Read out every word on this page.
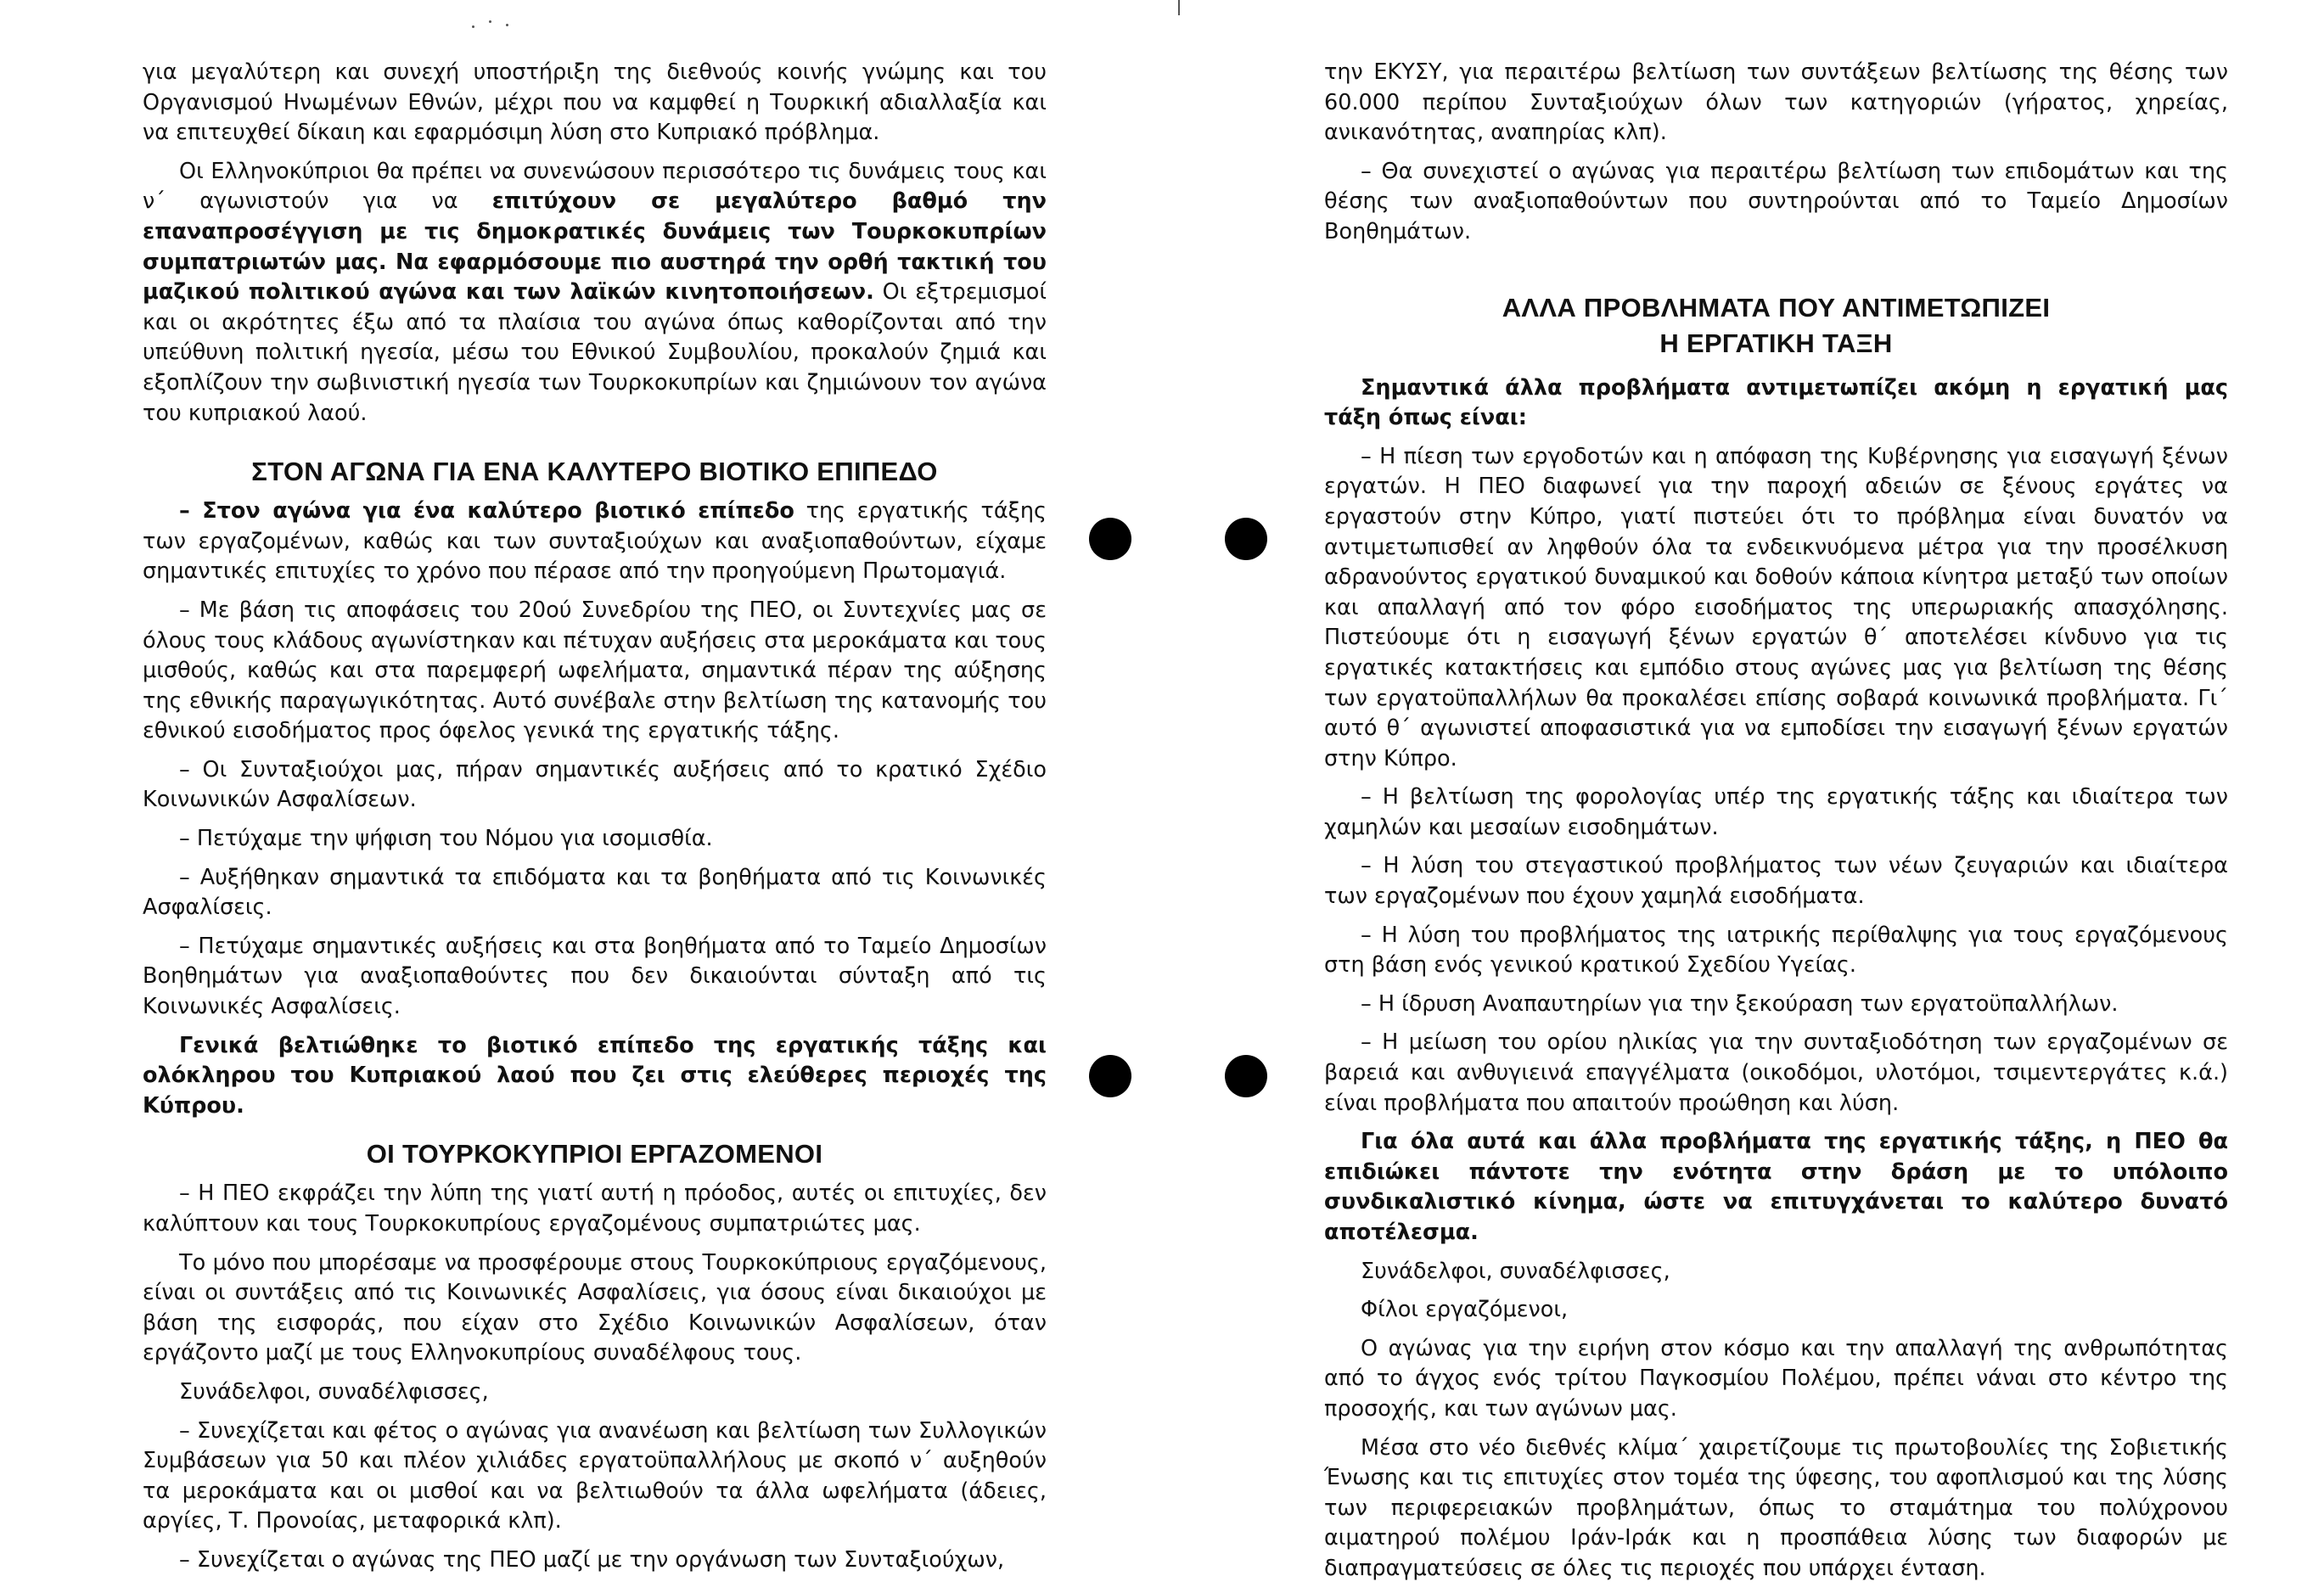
για μεγαλύτερη και συνεχή υποστήριξη της διεθνούς κοινής γνώμης και του Οργανισμού Ηνωμένων Εθνών, μέχρι που να καμφθεί η Τουρκική αδιαλλαξία και να επιτευχθεί δίκαιη και εφαρμόσιμη λύση στο Κυπριακό πρόβλημα.

Οι Ελληνοκύπριοι θα πρέπει να συνενώσουν περισσότερο τις δυνάμεις τους και ν΄ αγωνιστούν για να επιτύχουν σε μεγαλύτερο βαθμό την επαναπροσέγγιση με τις δημοκρατικές δυνάμεις των Τουρκοκυπρίων συμπατριωτών μας. Να εφαρμόσουμε πιο αυστηρά την ορθή τακτική του μαζικού πολιτικού αγώνα και των λαϊκών κινητοποιήσεων. Οι εξτρεμισμοί και οι ακρότητες έξω από τα πλαίσια του αγώνα όπως καθορίζονται από την υπεύθυνη πολιτική ηγεσία, μέσω του Εθνικού Συμβουλίου, προκαλούν ζημιά και εξοπλίζουν την σωβινιστική ηγεσία των Τουρκοκυπρίων και ζημιώνουν τον αγώνα του κυπριακού λαού.

ΣΤΟΝ ΑΓΩΝΑ ΓΙΑ ΕΝΑ ΚΑΛΥΤΕΡΟ ΒΙΟΤΙΚΟ ΕΠΙΠΕΔΟ

– Στον αγώνα για ένα καλύτερο βιοτικό επίπεδο της εργατικής τάξης των εργαζομένων, καθώς και των συνταξιούχων και αναξιοπαθούντων, είχαμε σημαντικές επιτυχίες το χρόνο που πέρασε από την προηγούμενη Πρωτομαγιά.

– Με βάση τις αποφάσεις του 20ού Συνεδρίου της ΠΕΟ, οι Συντεχνίες μας σε όλους τους κλάδους αγωνίστηκαν και πέτυχαν αυξήσεις στα μεροκάματα και τους μισθούς, καθώς και στα παρεμφερή ωφελήματα, σημαντικά πέραν της αύξησης της εθνικής παραγωγικότητας. Αυτό συνέβαλε στην βελτίωση της κατανομής του εθνικού εισοδήματος προς όφελος γενικά της εργατικής τάξης.

– Οι Συνταξιούχοι μας, πήραν σημαντικές αυξήσεις από το κρατικό Σχέδιο Κοινωνικών Ασφαλίσεων.

– Πετύχαμε την ψήφιση του Νόμου για ισομισθία.

– Αυξήθηκαν σημαντικά τα επιδόματα και τα βοηθήματα από τις Κοινωνικές Ασφαλίσεις.

– Πετύχαμε σημαντικές αυξήσεις και στα βοηθήματα από το Ταμείο Δημοσίων Βοηθημάτων για αναξιοπαθούντες που δεν δικαιούνται σύνταξη από τις Κοινωνικές Ασφαλίσεις.

Γενικά βελτιώθηκε το βιοτικό επίπεδο της εργατικής τάξης και ολόκληρου του Κυπριακού λαού που ζει στις ελεύθερες περιοχές της Κύπρου.

ΟΙ ΤΟΥΡΚΟΚΥΠΡΙΟΙ ΕΡΓΑΖΟΜΕΝΟΙ

– Η ΠΕΟ εκφράζει την λύπη της γιατί αυτή η πρόοδος, αυτές οι επιτυχίες, δεν καλύπτουν και τους Τουρκοκυπρίους εργαζομένους συμπατριώτες μας.

Το μόνο που μπορέσαμε να προσφέρουμε στους Τουρκοκύπριους εργαζόμενους, είναι οι συντάξεις από τις Κοινωνικές Ασφαλίσεις, για όσους είναι δικαιούχοι με βάση της εισφοράς, που είχαν στο Σχέδιο Κοινωνικών Ασφαλίσεων, όταν εργάζοντο μαζί με τους Ελληνοκυπρίους συναδέλφους τους.

Συνάδελφοι, συναδέλφισσες,

– Συνεχίζεται και φέτος ο αγώνας για ανανέωση και βελτίωση των Συλλογικών Συμβάσεων για 50 και πλέον χιλιάδες εργατοϋπαλλήλους με σκοπό ν΄ αυξηθούν τα μεροκάματα και οι μισθοί και να βελτιωθούν τα άλλα ωφελήματα (άδειες, αργίες, Τ. Προνοίας, μεταφορικά κλπ).

– Συνεχίζεται ο αγώνας της ΠΕΟ μαζί με την οργάνωση των Συνταξιούχων,

την ΕΚΥΣΥ, για περαιτέρω βελτίωση των συντάξεων βελτίωσης της θέσης των 60.000 περίπου Συνταξιούχων όλων των κατηγοριών (γήρατος, χηρείας, ανικανότητας, αναπηρίας κλπ).

– Θα συνεχιστεί ο αγώνας για περαιτέρω βελτίωση των επιδομάτων και της θέσης των αναξιοπαθούντων που συντηρούνται από το Ταμείο Δημοσίων Βοηθημάτων.

ΑΛΛΑ ΠΡΟΒΛΗΜΑΤΑ ΠΟΥ ΑΝΤΙΜΕΤΩΠΙΖΕΙ
Η ΕΡΓΑΤΙΚΗ ΤΑΞΗ

Σημαντικά άλλα προβλήματα αντιμετωπίζει ακόμη η εργατική μας τάξη όπως είναι:

– Η πίεση των εργοδοτών και η απόφαση της Κυβέρνησης για εισαγωγή ξένων εργατών. Η ΠΕΟ διαφωνεί για την παροχή αδειών σε ξένους εργάτες να εργαστούν στην Κύπρο, γιατί πιστεύει ότι το πρόβλημα είναι δυνατόν να αντιμετωπισθεί αν ληφθούν όλα τα ενδεικνυόμενα μέτρα για την προσέλκυση αδρανούντος εργατικού δυναμικού και δοθούν κάποια κίνητρα μεταξύ των οποίων και απαλλαγή από τον φόρο εισοδήματος της υπερωριακής απασχόλησης. Πιστεύουμε ότι η εισαγωγή ξένων εργατών θ΄ αποτελέσει κίνδυνο για τις εργατικές κατακτήσεις και εμπόδιο στους αγώνες μας για βελτίωση της θέσης των εργατοϋπαλλήλων θα προκαλέσει επίσης σοβαρά κοινωνικά προβλήματα. Γι΄ αυτό θ΄ αγωνιστεί αποφασιστικά για να εμποδίσει την εισαγωγή ξένων εργατών στην Κύπρο.

– Η βελτίωση της φορολογίας υπέρ της εργατικής τάξης και ιδιαίτερα των χαμηλών και μεσαίων εισοδημάτων.

– Η λύση του στεγαστικού προβλήματος των νέων ζευγαριών και ιδιαίτερα των εργαζομένων που έχουν χαμηλά εισοδήματα.

– Η λύση του προβλήματος της ιατρικής περίθαλψης για τους εργαζόμενους στη βάση ενός γενικού κρατικού Σχεδίου Υγείας.

– Η ίδρυση Αναπαυτηρίων για την ξεκούραση των εργατοϋπαλλήλων.

– Η μείωση του ορίου ηλικίας για την συνταξιοδότηση των εργαζομένων σε βαρειά και ανθυγιεινά επαγγέλματα (οικοδόμοι, υλοτόμοι, τσιμεντεργάτες κ.ά.) είναι προβλήματα που απαιτούν προώθηση και λύση.

Για όλα αυτά και άλλα προβλήματα της εργατικής τάξης, η ΠΕΟ θα επιδιώκει πάντοτε την ενότητα στην δράση με το υπόλοιπο συνδικαλιστικό κίνημα, ώστε να επιτυγχάνεται το καλύτερο δυνατό αποτέλεσμα.

Συνάδελφοι, συναδέλφισσες,

Φίλοι εργαζόμενοι,

Ο αγώνας για την ειρήνη στον κόσμο και την απαλλαγή της ανθρωπότητας από το άγχος ενός τρίτου Παγκοσμίου Πολέμου, πρέπει νάναι στο κέντρο της προσοχής, και των αγώνων μας.

Μέσα στο νέο διεθνές κλίμα΄ χαιρετίζουμε τις πρωτοβουλίες της Σοβιετικής Ένωσης και τις επιτυχίες στον τομέα της ύφεσης, του αφοπλισμού και της λύσης των περιφερειακών προβλημάτων, όπως το σταμάτημα του πολύχρονου αιματηρού πολέμου Ιράν-Ιράκ και η προσπάθεια λύσης των διαφορών με διαπραγματεύσεις σε όλες τις περιοχές που υπάρχει ένταση.
